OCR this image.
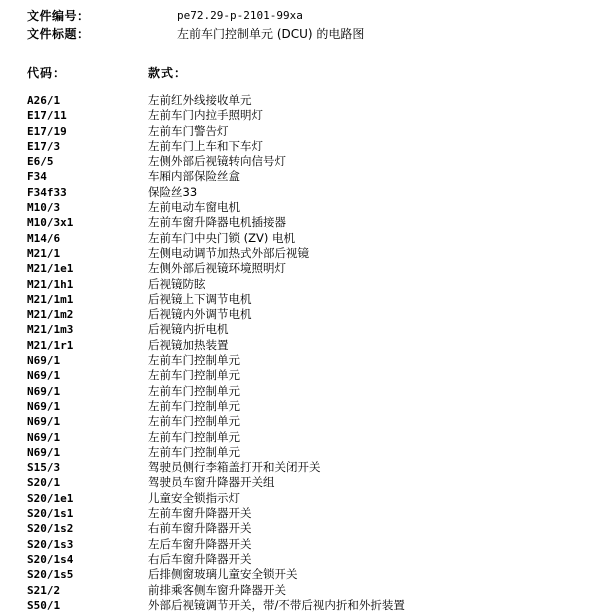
文件编号：	pe72.29-p-2101-99xa
文件标题：	左前车门控制单元 (DCU) 的电路图
代码：	款式：
A26/1	左前红外线接收单元
E17/11	左前车门内拉手照明灯
E17/19	左前车门警告灯
E17/3	左前车门上车和下车灯
E6/5	左侧外部后视镜转向信号灯
F34	车厢内部保险丝盒
F34f33	保险丝33
M10/3	左前电动车窗电机
M10/3x1	左前车窗升降器电机插接器
M14/6	左前车门中央门锁 (ZV) 电机
M21/1	左侧电动调节加热式外部后视镜
M21/1e1	左侧外部后视镜环境照明灯
M21/1h1	后视镜防眩
M21/1m1	后视镜上下调节电机
M21/1m2	后视镜内外调节电机
M21/1m3	后视镜内折电机
M21/1r1	后视镜加热装置
N69/1	左前车门控制单元
N69/1	左前车门控制单元
N69/1	左前车门控制单元
N69/1	左前车门控制单元
N69/1	左前车门控制单元
N69/1	左前车门控制单元
N69/1	左前车门控制单元
S15/3	驾驶员侧行李箱盖打开和关闭开关
S20/1	驾驶员车窗升降器开关组
S20/1e1	儿童安全锁指示灯
S20/1s1	左前车窗升降器开关
S20/1s2	右前车窗升降器开关
S20/1s3	左后车窗升降器开关
S20/1s4	右后车窗升降器开关
S20/1s5	后排侧窗玻璃儿童安全锁开关
S21/2	前排乘客侧车窗升降器开关
S50/1	外部后视镜调节开关，带/不带后视内折和外折装置
